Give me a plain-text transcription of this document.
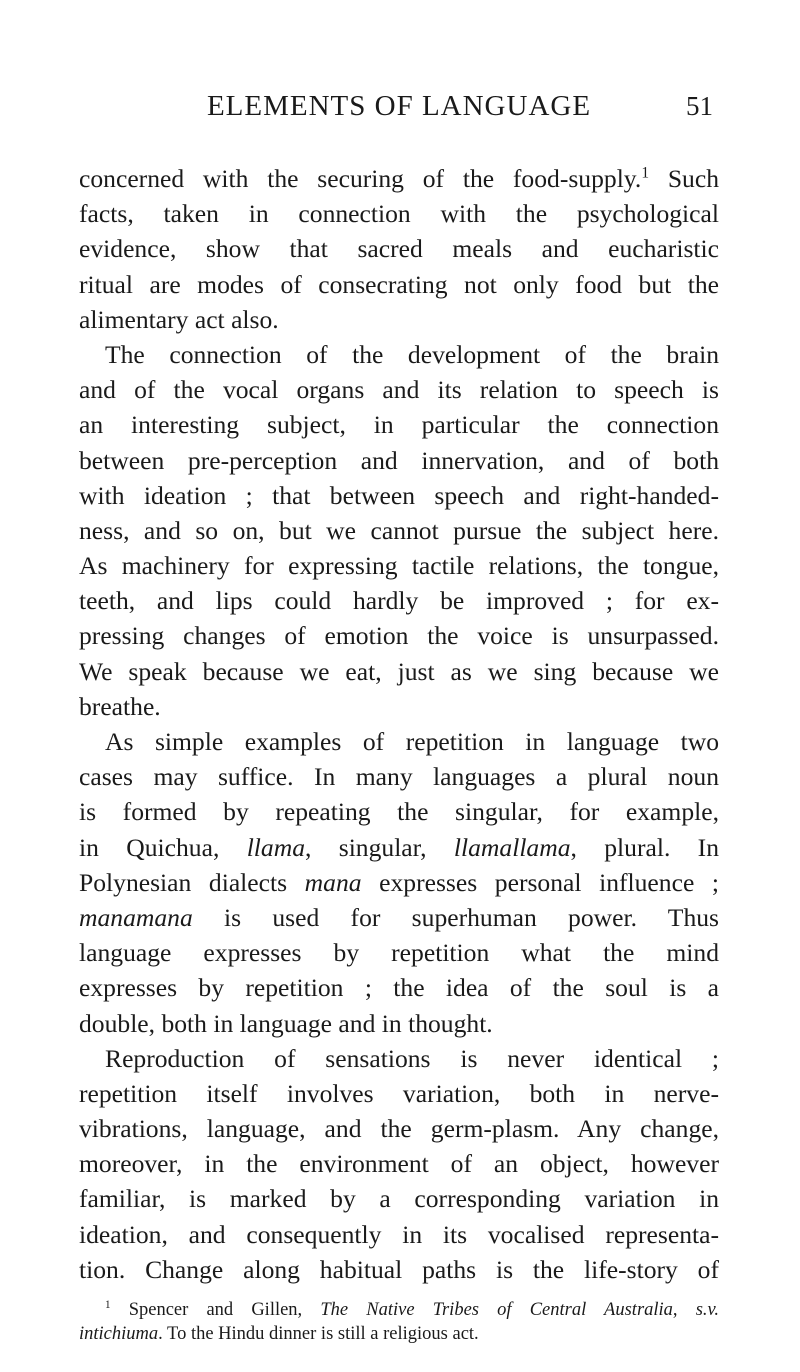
ELEMENTS OF LANGUAGE	51
concerned with the securing of the food-supply.$^1$ Such
facts, taken in connection with the psychological
evidence, show that sacred meals and eucharistic
ritual are modes of consecrating not only food but the
alimentary act also.
The connection of the development of the brain
and of the vocal organs and its relation to speech is
an interesting subject, in particular the connection
between pre-perception and innervation, and of both
with ideation ; that between speech and right-handed-
ness, and so on, but we cannot pursue the subject here.
As machinery for expressing tactile relations, the tongue,
teeth, and lips could hardly be improved ; for ex-
pressing changes of emotion the voice is unsurpassed.
We speak because we eat, just as we sing because we
breathe.
As simple examples of repetition in language two
cases may suffice. In many languages a plural noun
is formed by repeating the singular, for example,
in Quichua, llama, singular, llamallama, plural. In
Polynesian dialects mana expresses personal influence ;
manamana is used for superhuman power. Thus
language expresses by repetition what the mind
expresses by repetition ; the idea of the soul is a
double, both in language and in thought.
Reproduction of sensations is never identical ;
repetition itself involves variation, both in nerve-
vibrations, language, and the germ-plasm. Any change,
moreover, in the environment of an object, however
familiar, is marked by a corresponding variation in
ideation, and consequently in its vocalised representa-
tion. Change along habitual paths is the life-story of
$^1$ Spencer and Gillen, The Native Tribes of Central Australia, s.v.
intichiuma. To the Hindu dinner is still a religious act.
